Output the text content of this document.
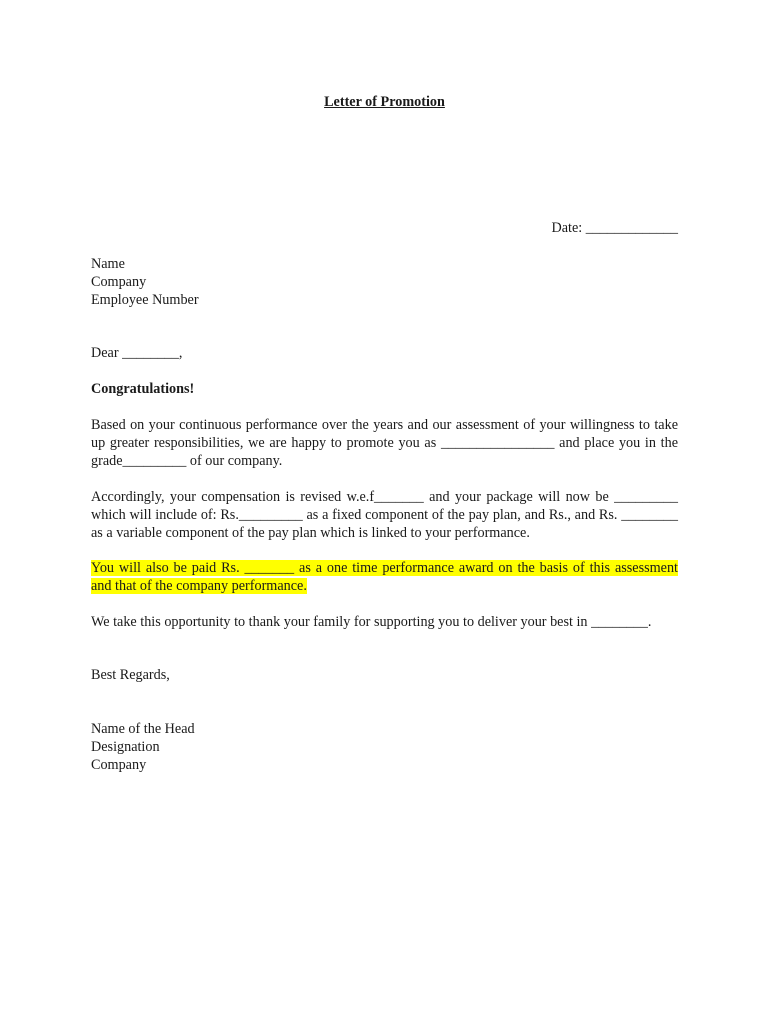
Letter of Promotion
Date: _____________
Name
Company
Employee Number
Dear ________,
Congratulations!

Based on your continuous performance over the years and our assessment of your willingness to take up greater responsibilities, we are happy to promote you as ________________ and place you in the grade_________ of our company.

Accordingly, your compensation is revised w.e.f_______ and your package will now be _________ which will include of: Rs._________ as a fixed component of the pay plan, and Rs., and Rs. ________ as a variable component of the pay plan which is linked to your performance.

You will also be paid Rs. _______ as a one time performance award on the basis of this assessment and that of the company performance.

We take this opportunity to thank your family for supporting you to deliver your best in ________.

Best Regards,
Name of the Head
Designation
Company
